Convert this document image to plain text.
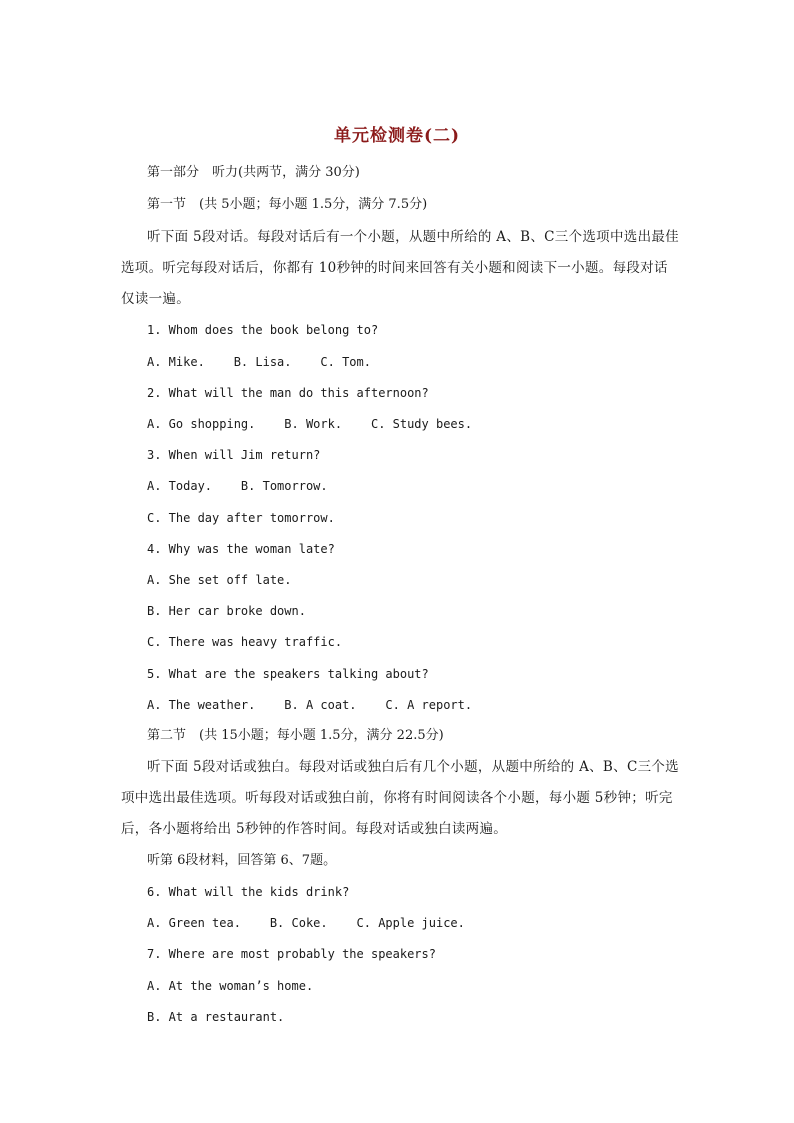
单元检测卷(二)
第一部分　听力(共两节，满分 30分)
第一节　(共 5小题；每小题 1.5分，满分 7.5分)
听下面 5段对话。每段对话后有一个小题，从题中所给的 A、B、C三个选项中选出最佳
选项。听完每段对话后，你都有 10秒钟的时间来回答有关小题和阅读下一小题。每段对话
仅读一遍。
1. Whom does the book belong to?
A. Mike.    B. Lisa.    C. Tom.
2. What will the man do this afternoon?
A. Go shopping.    B. Work.    C. Study bees.
3. When will Jim return?
A. Today.    B. Tomorrow.
C. The day after tomorrow.
4. Why was the woman late?
A. She set off late.
B. Her car broke down.
C. There was heavy traffic.
5. What are the speakers talking about?
A. The weather.    B. A coat.    C. A report.
第二节　(共 15小题；每小题 1.5分，满分 22.5分)
听下面 5段对话或独白。每段对话或独白后有几个小题，从题中所给的 A、B、C三个选
项中选出最佳选项。听每段对话或独白前，你将有时间阅读各个小题，每小题 5秒钟；听完
后，各小题将给出 5秒钟的作答时间。每段对话或独白读两遍。
听第 6段材料，回答第 6、7题。
6. What will the kids drink?
A. Green tea.    B. Coke.    C. Apple juice.
7. Where are most probably the speakers?
A. At the woman’s home.
B. At a restaurant.
